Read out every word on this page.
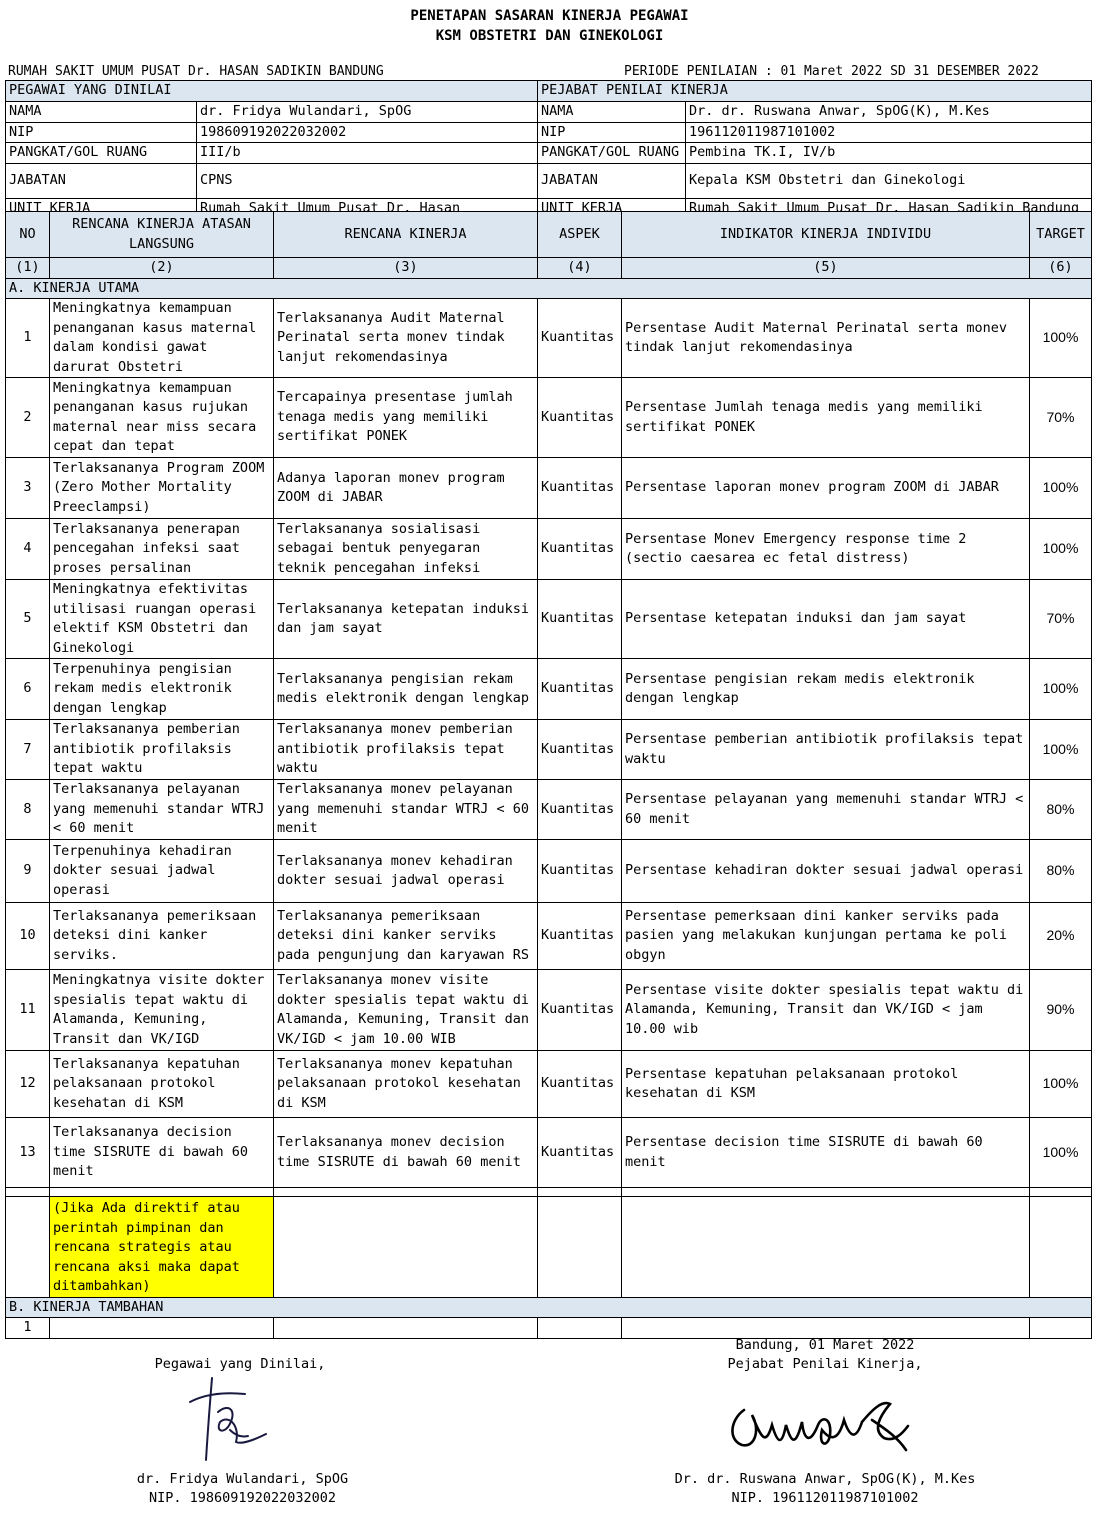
PENETAPAN SASARAN KINERJA PEGAWAI
KSM OBSTETRI DAN GINEKOLOGI
RUMAH SAKIT UMUM PUSAT Dr. HASAN SADIKIN BANDUNG	PERIODE PENILAIAN : 01 Maret 2022 SD 31 DESEMBER 2022
PEGAWAI YANG DINILAI		PEJABAT PENILAI KINERJA	
NAMA	dr. Fridya Wulandari, SpOG	NAMA	Dr. dr. Ruswana Anwar, SpOG(K), M.Kes
NIP	198609192022032002	NIP	196112011987101002
PANGKAT/GOL RUANG	III/b	PANGKAT/GOL RUANG	Pembina TK.I, IV/b
JABATAN	CPNS	JABATAN	Kepala KSM Obstetri dan Ginekologi
UNIT KERJA	Rumah Sakit Umum Pusat Dr. Hasan	UNIT KERJA	Rumah Sakit Umum Pusat Dr. Hasan Sadikin Bandung
NO	RENCANA KINERJA ATASAN LANGSUNG	RENCANA KINERJA	ASPEK	INDIKATOR KINERJA INDIVIDU	TARGET
(1)	(2)	(3)	(4)	(5)	(6)
A. KINERJA UTAMA					
1	Meningkatnya kemampuan penanganan kasus maternal dalam kondisi gawat darurat Obstetri	Terlaksananya Audit Maternal Perinatal serta monev tindak lanjut rekomendasinya	Kuantitas	Persentase Audit Maternal Perinatal serta monev tindak lanjut rekomendasinya	100%
2	Meningkatnya kemampuan penanganan kasus rujukan maternal near miss secara cepat dan tepat	Tercapainya presentase jumlah tenaga medis yang memiliki sertifikat PONEK	Kuantitas	Persentase Jumlah tenaga medis yang memiliki sertifikat PONEK	70%
3	Terlaksananya Program ZOOM (Zero Mother Mortality Preeclampsi)	Adanya laporan monev program ZOOM di JABAR	Kuantitas	Persentase laporan monev program ZOOM di JABAR	100%
4	Terlaksananya penerapan pencegahan infeksi saat proses persalinan	Terlaksananya sosialisasi sebagai bentuk penyegaran teknik pencegahan infeksi	Kuantitas	Persentase Monev Emergency response time 2 (sectio caesarea ec fetal distress)	100%
5	Meningkatnya efektivitas utilisasi ruangan operasi elektif KSM Obstetri dan Ginekologi	Terlaksananya ketepatan induksi dan jam sayat	Kuantitas	Persentase ketepatan induksi dan jam sayat	70%
6	Terpenuhinya pengisian rekam medis elektronik dengan lengkap	Terlaksananya pengisian rekam medis elektronik dengan lengkap	Kuantitas	Persentase pengisian rekam medis elektronik dengan lengkap	100%
7	Terlaksananya pemberian antibiotik profilaksis tepat waktu	Terlaksananya monev pemberian antibiotik profilaksis tepat waktu	Kuantitas	Persentase pemberian antibiotik profilaksis tepat waktu	100%
8	Terlaksananya pelayanan yang memenuhi standar WTRJ < 60 menit	Terlaksananya monev pelayanan yang memenuhi standar WTRJ < 60 menit	Kuantitas	Persentase pelayanan yang memenuhi standar WTRJ < 60 menit	80%
9	Terpenuhinya kehadiran dokter sesuai jadwal operasi	Terlaksananya monev kehadiran dokter sesuai jadwal operasi	Kuantitas	Persentase kehadiran dokter sesuai jadwal operasi	80%
10	Terlaksananya pemeriksaan deteksi dini kanker serviks.	Terlaksananya pemeriksaan deteksi dini kanker serviks pada pengunjung dan karyawan RS	Kuantitas	Persentase pemerksaan dini kanker serviks pada pasien yang melakukan kunjungan pertama ke poli obgyn	20%
11	Meningkatnya visite dokter spesialis tepat waktu di Alamanda, Kemuning, Transit dan VK/IGD	Terlaksananya monev visite dokter spesialis tepat waktu di Alamanda, Kemuning, Transit dan VK/IGD < jam 10.00 WIB	Kuantitas	Persentase visite dokter spesialis tepat waktu di Alamanda, Kemuning, Transit dan VK/IGD < jam 10.00 wib	90%
12	Terlaksananya kepatuhan pelaksanaan protokol kesehatan di KSM	Terlaksananya monev kepatuhan pelaksanaan protokol kesehatan di KSM	Kuantitas	Persentase kepatuhan pelaksanaan protokol kesehatan di KSM	100%
13	Terlaksananya decision time SISRUTE di bawah 60 menit	Terlaksananya monev decision time SISRUTE di bawah 60 menit	Kuantitas	Persentase decision time SISRUTE di bawah 60 menit	100%

	(Jika Ada direktif atau perintah pimpinan dan rencana strategis atau rencana aksi maka dapat ditambahkan)				
B. KINERJA TAMBAHAN					
1					
Pegawai yang Dinilai,
dr. Fridya Wulandari, SpOG
NIP. 198609192022032002
Bandung, 01 Maret 2022
Pejabat Penilai Kinerja,
Dr. dr. Ruswana Anwar, SpOG(K), M.Kes
NIP. 196112011987101002
